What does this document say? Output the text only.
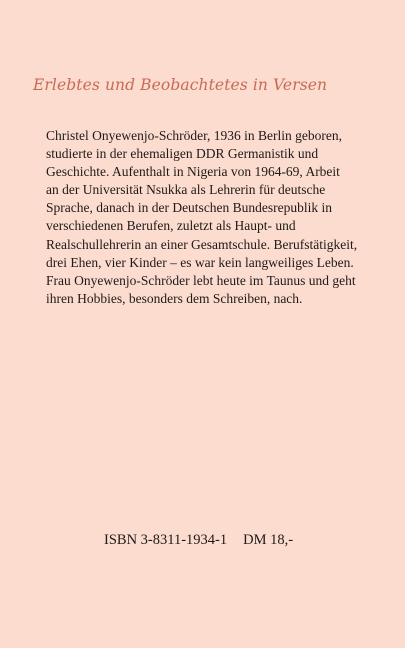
Erlebtes und Beobachtetes in Versen

Christel Onyewenjo-Schröder, 1936 in Berlin geboren,
studierte in der ehemaligen DDR Germanistik und
Geschichte. Aufenthalt in Nigeria von 1964-69, Arbeit
an der Universität Nsukka als Lehrerin für deutsche
Sprache, danach in der Deutschen Bundesrepublik in
verschiedenen Berufen, zuletzt als Haupt- und
Realschullehrerin an einer Gesamtschule. Berufstätigkeit,
drei Ehen, vier Kinder – es war kein langweiliges Leben.
Frau Onyewenjo-Schröder lebt heute im Taunus und geht
ihren Hobbies, besonders dem Schreiben, nach.

ISBN 3-8311-1934-1 DM 18,-
